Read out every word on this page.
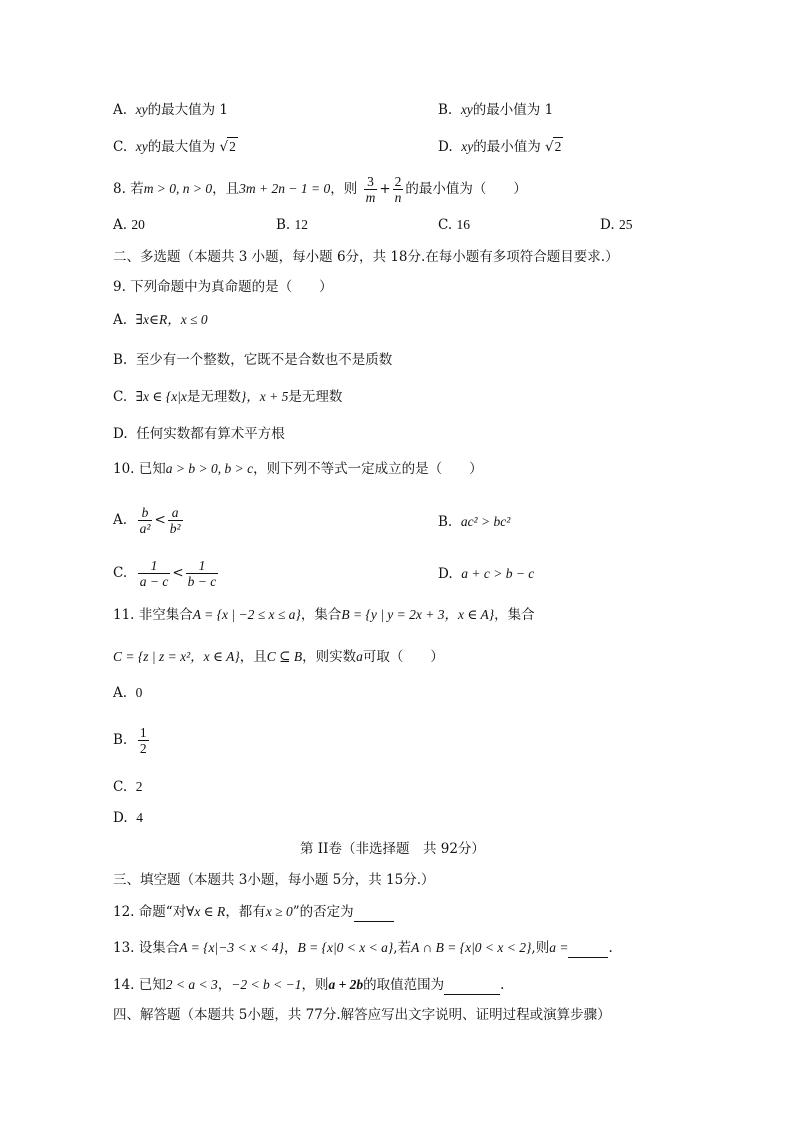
A. xy的最大值为 1	B. xy的最小值为 1
C. xy的最大值为 √2	D. xy的最小值为 √2
8. 若m > 0, n > 0，且3m + 2n − 1 = 0，则 $\frac{3}{m} + \frac{2}{n}$ 的最小值为（　　）
A. 20	B. 12	C. 16	D. 25
二、多选题（本题共 3 小题，每小题 6分，共 18分.在每小题有多项符合题目要求.）
9. 下列命题中为真命题的是（　　）
A. ∃x∈R，x ≤ 0
B. 至少有一个整数，它既不是合数也不是质数
C. ∃x ∈ {x|x是无理数}，x + 5是无理数
D. 任何实数都有算术平方根
10. 已知a > b > 0, b > c，则下列不等式一定成立的是（　　）
A. $\frac{b}{\text{a²}} < \frac{a}{\text{b²}}$	B. ac² > bc²
C. $\frac{1}{a - c} < \frac{1}{b - c}$	D. a + c > b − c
11. 非空集合A = {x | −2 ≤ x ≤ a}，集合B = {y | y = 2x + 3，x ∈ A}，集合
C = {z | z = x²，x ∈ A}，且C ⊆ B，则实数a可取（　　）
A. 0
B. $\frac{1}{2}$
C. 2
D. 4
第 II卷（非选择题　共 92分）
三、填空题（本题共 3小题，每小题 5分，共 15分.）
12. 命题“对∀x ∈ R，都有x ≥ 0”的否定为
13. 设集合A = {x|−3 < x < 4}，B = {x|0 < x < a},若A ∩ B = {x|0 < x < 2},则a =	.
14. 已知2 < a < 3，−2 < b < −1，则a + 2b的取值范围为	.
四、解答题（本题共 5小题，共 77分.解答应写出文字说明、证明过程或演算步骤）
